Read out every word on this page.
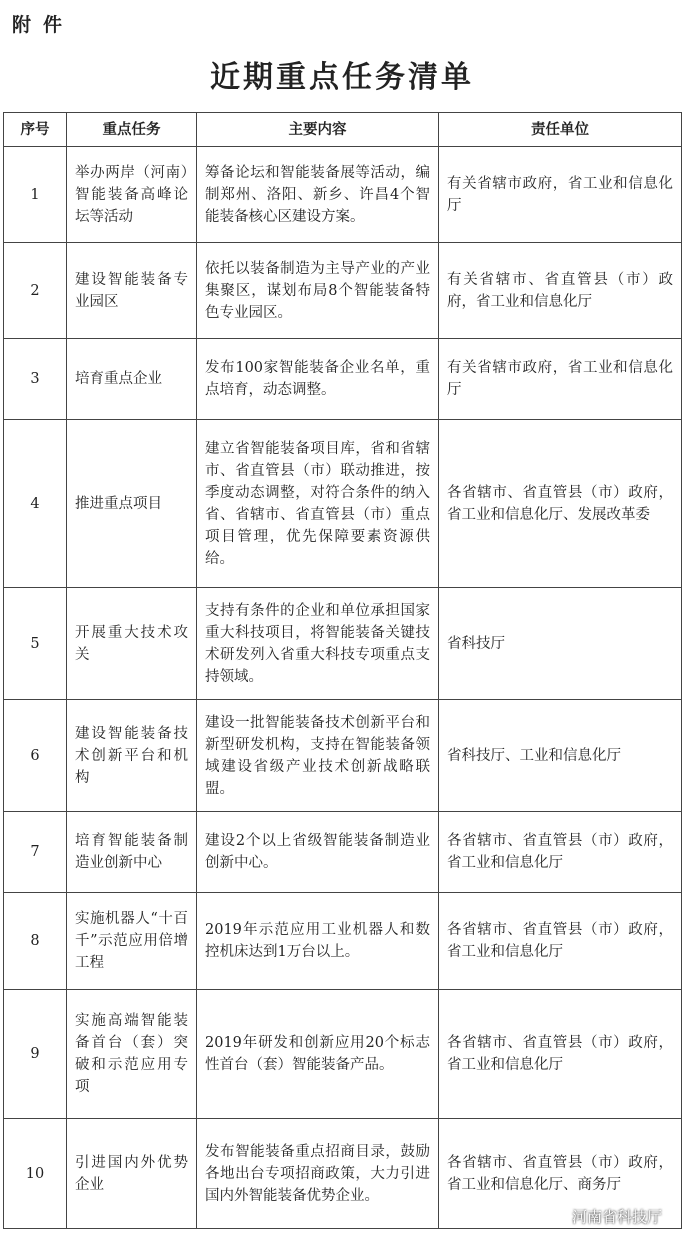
附件
近期重点任务清单
序号	重点任务	主要内容	责任单位
1	举办两岸（河南）智能装备高峰论坛等活动	筹备论坛和智能装备展等活动，编制郑州、洛阳、新乡、许昌4个智能装备核心区建设方案。	有关省辖市政府，省工业和信息化厅
2	建设智能装备专业园区	依托以装备制造为主导产业的产业集聚区，谋划布局8个智能装备特色专业园区。	有关省辖市、省直管县（市）政府，省工业和信息化厅
3	培育重点企业	发布100家智能装备企业名单，重点培育，动态调整。	有关省辖市政府，省工业和信息化厅
4	推进重点项目	建立省智能装备项目库，省和省辖市、省直管县（市）联动推进，按季度动态调整，对符合条件的纳入省、省辖市、省直管县（市）重点项目管理，优先保障要素资源供给。	各省辖市、省直管县（市）政府，省工业和信息化厅、发展改革委
5	开展重大技术攻关	支持有条件的企业和单位承担国家重大科技项目，将智能装备关键技术研发列入省重大科技专项重点支持领域。	省科技厅
6	建设智能装备技术创新平台和机构	建设一批智能装备技术创新平台和新型研发机构，支持在智能装备领域建设省级产业技术创新战略联盟。	省科技厅、工业和信息化厅
7	培育智能装备制造业创新中心	建设2个以上省级智能装备制造业创新中心。	各省辖市、省直管县（市）政府，省工业和信息化厅
8	实施机器人“十百千”示范应用倍增工程	2019年示范应用工业机器人和数控机床达到1万台以上。	各省辖市、省直管县（市）政府，省工业和信息化厅
9	实施高端智能装备首台（套）突破和示范应用专项	2019年研发和创新应用20个标志性首台（套）智能装备产品。	各省辖市、省直管县（市）政府，省工业和信息化厅
10	引进国内外优势企业	发布智能装备重点招商目录，鼓励各地出台专项招商政策，大力引进国内外智能装备优势企业。	各省辖市、省直管县（市）政府，省工业和信息化厅、商务厅
河南省科技厅
